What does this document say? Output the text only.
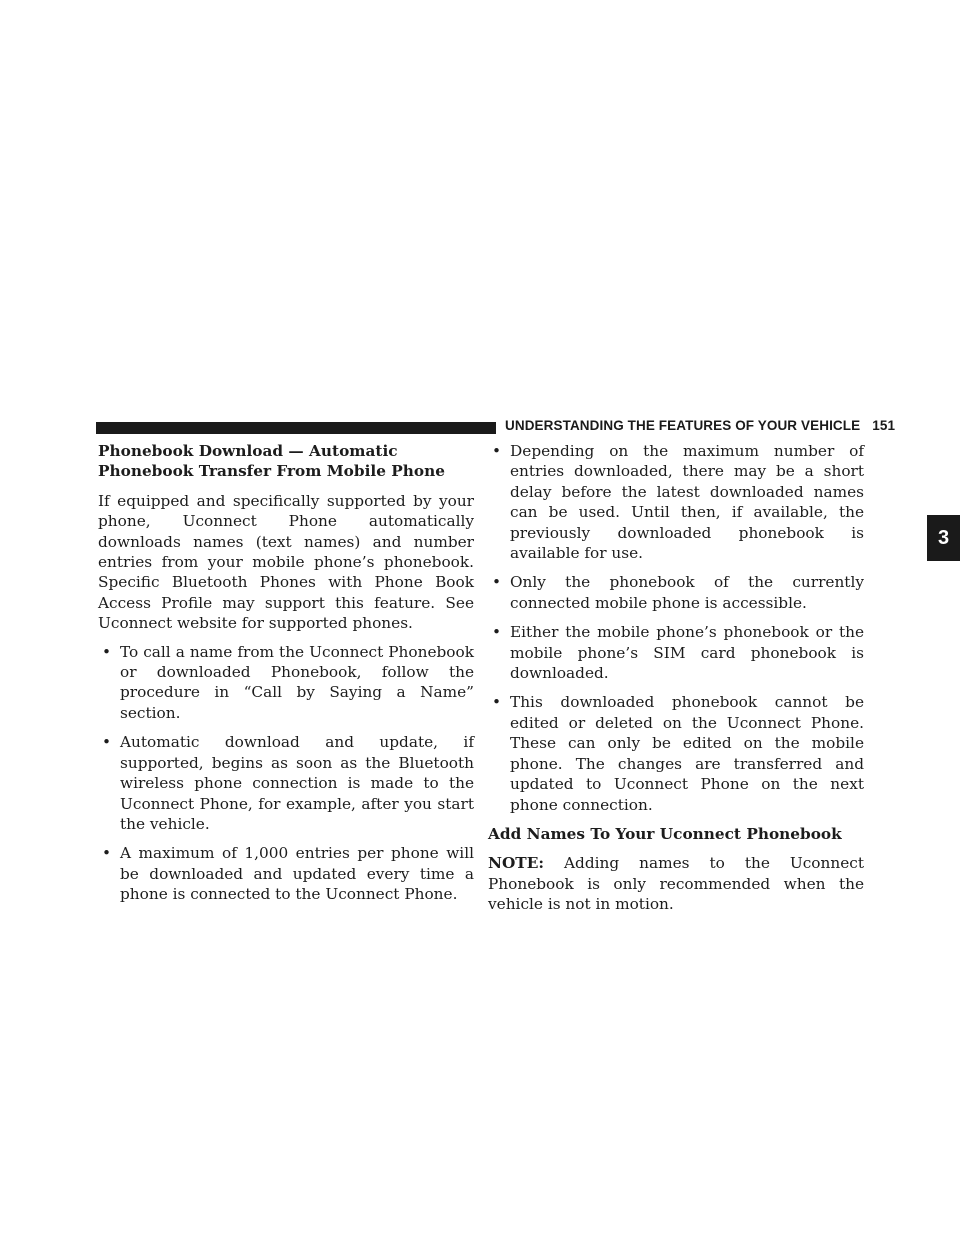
UNDERSTANDING THE FEATURES OF YOUR VEHICLE 151
3
Phonebook Download — Automatic Phonebook Transfer From Mobile Phone

If equipped and specifically supported by your phone, Uconnect Phone automatically downloads names (text names) and number entries from your mobile phone’s phonebook. Specific Bluetooth Phones with Phone Book Access Profile may support this feature. See Uconnect website for supported phones.

• To call a name from the Uconnect Phonebook or downloaded Phonebook, follow the procedure in “Call by Saying a Name” section.
• Automatic download and update, if supported, begins as soon as the Bluetooth wireless phone connection is made to the Uconnect Phone, for example, after you start the vehicle.
• A maximum of 1,000 entries per phone will be downloaded and updated every time a phone is connected to the Uconnect Phone.
• Depending on the maximum number of entries downloaded, there may be a short delay before the latest downloaded names can be used. Until then, if available, the previously downloaded phonebook is available for use.
• Only the phonebook of the currently connected mobile phone is accessible.
• Either the mobile phone’s phonebook or the mobile phone’s SIM card phonebook is downloaded.
• This downloaded phonebook cannot be edited or deleted on the Uconnect Phone. These can only be edited on the mobile phone. The changes are transferred and updated to Uconnect Phone on the next phone connection.
Add Names To Your Uconnect Phonebook

NOTE: Adding names to the Uconnect Phonebook is only recommended when the vehicle is not in motion.
